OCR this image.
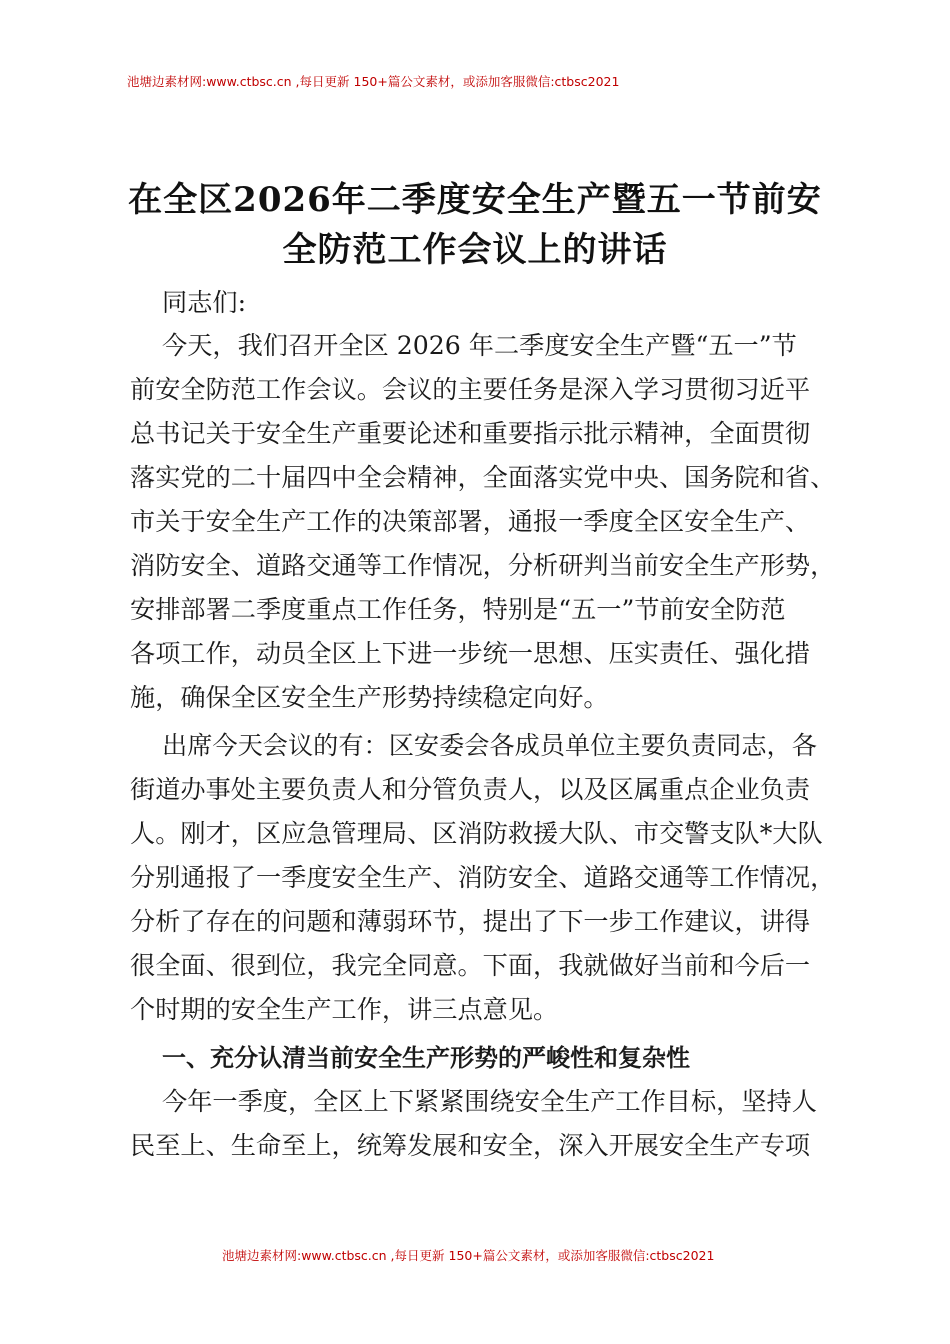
池塘边素材网:www.ctbsc.cn ,每日更新 150+篇公文素材，或添加客服微信:ctbsc2021
在全区2026年二季度安全生产暨五一节前安
全防范工作会议上的讲话
同志们:
今天，我们召开全区 2026 年二季度安全生产暨“五一”节
前安全防范工作会议。会议的主要任务是深入学习贯彻习近平
总书记关于安全生产重要论述和重要指示批示精神，全面贯彻
落实党的二十届四中全会精神，全面落实党中央、国务院和省、
市关于安全生产工作的决策部署，通报一季度全区安全生产、
消防安全、道路交通等工作情况，分析研判当前安全生产形势，
安排部署二季度重点工作任务，特别是“五一”节前安全防范
各项工作，动员全区上下进一步统一思想、压实责任、强化措
施，确保全区安全生产形势持续稳定向好。
出席今天会议的有：区安委会各成员单位主要负责同志，各
街道办事处主要负责人和分管负责人，以及区属重点企业负责
人。刚才，区应急管理局、区消防救援大队、市交警支队*大队
分别通报了一季度安全生产、消防安全、道路交通等工作情况，
分析了存在的问题和薄弱环节，提出了下一步工作建议，讲得
很全面、很到位，我完全同意。下面，我就做好当前和今后一
个时期的安全生产工作，讲三点意见。
一、充分认清当前安全生产形势的严峻性和复杂性
今年一季度，全区上下紧紧围绕安全生产工作目标，坚持人
民至上、生命至上，统筹发展和安全，深入开展安全生产专项
池塘边素材网:www.ctbsc.cn ,每日更新 150+篇公文素材，或添加客服微信:ctbsc2021
